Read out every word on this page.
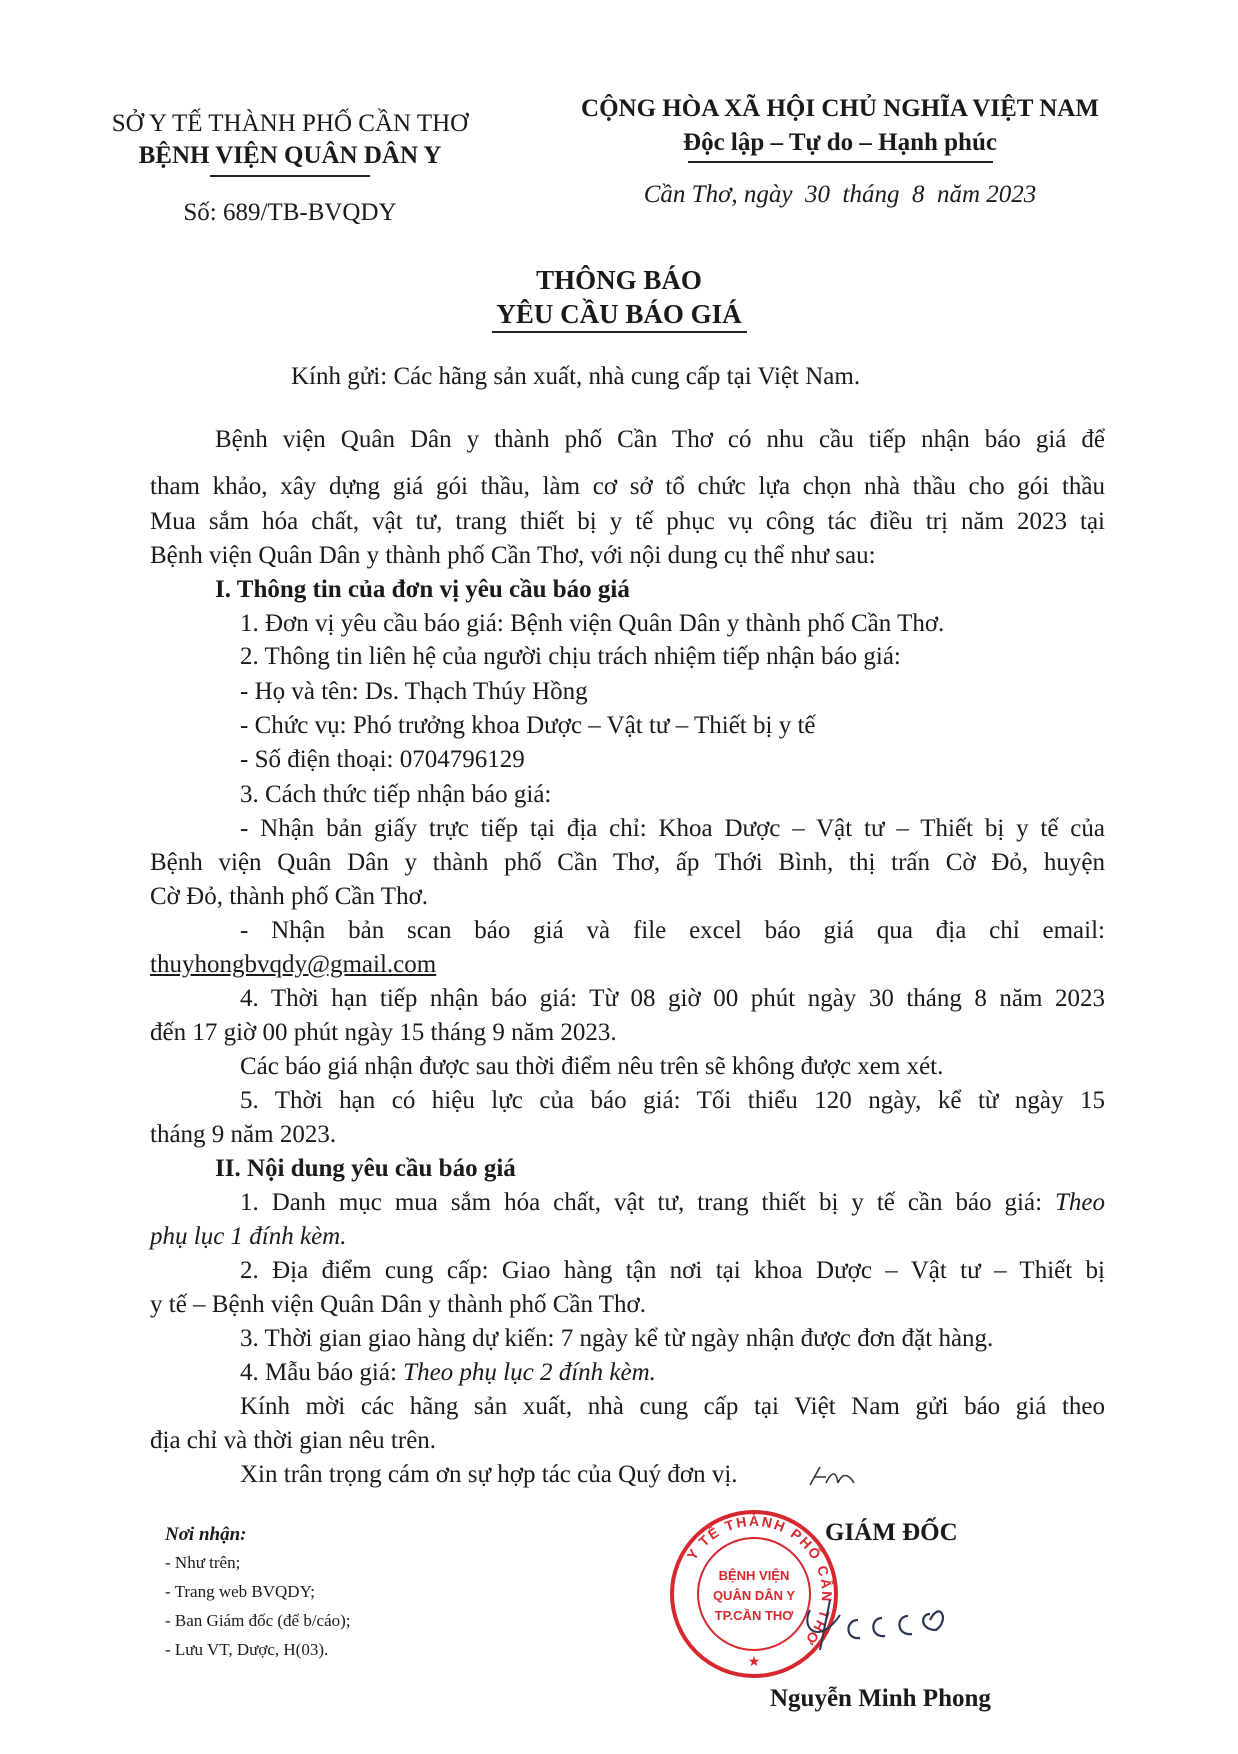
SỞ Y TẾ THÀNH PHỐ CẦN THƠ
BỆNH VIỆN QUÂN DÂN Y
Số: 689/TB-BVQDY
CỘNG HÒA XÃ HỘI CHỦ NGHĨA VIỆT NAM
Độc lập – Tự do – Hạnh phúc
Cần Thơ, ngày  30  tháng  8  năm 2023
THÔNG BÁO
YÊU CẦU BÁO GIÁ
Kính gửi: Các hãng sản xuất, nhà cung cấp tại Việt Nam.
Bệnh viện Quân Dân y thành phố Cần Thơ có nhu cầu tiếp nhận báo giá để
tham khảo, xây dựng giá gói thầu, làm cơ sở tổ chức lựa chọn nhà thầu cho gói thầu
Mua sắm hóa chất, vật tư, trang thiết bị y tế phục vụ công tác điều trị năm 2023 tại
Bệnh viện Quân Dân y thành phố Cần Thơ, với nội dung cụ thể như sau:
I. Thông tin của đơn vị yêu cầu báo giá
1. Đơn vị yêu cầu báo giá: Bệnh viện Quân Dân y thành phố Cần Thơ.
2. Thông tin liên hệ của người chịu trách nhiệm tiếp nhận báo giá:
- Họ và tên: Ds. Thạch Thúy Hồng
- Chức vụ: Phó trưởng khoa Dược – Vật tư – Thiết bị y tế
- Số điện thoại: 0704796129
3. Cách thức tiếp nhận báo giá:
- Nhận bản giấy trực tiếp tại địa chỉ: Khoa Dược – Vật tư – Thiết bị y tế của
Bệnh viện Quân Dân y thành phố Cần Thơ, ấp Thới Bình, thị trấn Cờ Đỏ, huyện
Cờ Đỏ, thành phố Cần Thơ.
- Nhận bản scan báo giá và file excel báo giá qua địa chỉ email:
thuyhongbvqdy@gmail.com
4. Thời hạn tiếp nhận báo giá: Từ 08 giờ 00 phút ngày 30 tháng 8 năm 2023
đến 17 giờ 00 phút ngày 15 tháng 9 năm 2023.
Các báo giá nhận được sau thời điểm nêu trên sẽ không được xem xét.
5. Thời hạn có hiệu lực của báo giá: Tối thiểu 120 ngày, kể từ ngày 15
tháng 9 năm 2023.
II. Nội dung yêu cầu báo giá
1. Danh mục mua sắm hóa chất, vật tư, trang thiết bị y tế cần báo giá: Theo
phụ lục 1 đính kèm.
2. Địa điểm cung cấp: Giao hàng tận nơi tại khoa Dược – Vật tư – Thiết bị
y tế – Bệnh viện Quân Dân y thành phố Cần Thơ.
3. Thời gian giao hàng dự kiến: 7 ngày kể từ ngày nhận được đơn đặt hàng.
4. Mẫu báo giá: Theo phụ lục 2 đính kèm.
Kính mời các hãng sản xuất, nhà cung cấp tại Việt Nam gửi báo giá theo
địa chỉ và thời gian nêu trên.
Xin trân trọng cám ơn sự hợp tác của Quý đơn vị.
Nơi nhận:
- Như trên;
- Trang web BVQDY;
- Ban Giám đốc (để b/cáo);
- Lưu VT, Dược, H(03).
GIÁM ĐỐC
Y TẾ THÀNH PHỐ CẦN THƠ
BỆNH VIỆN
QUÂN DÂN Y
TP.CẦN THƠ
★
Nguyễn Minh Phong
